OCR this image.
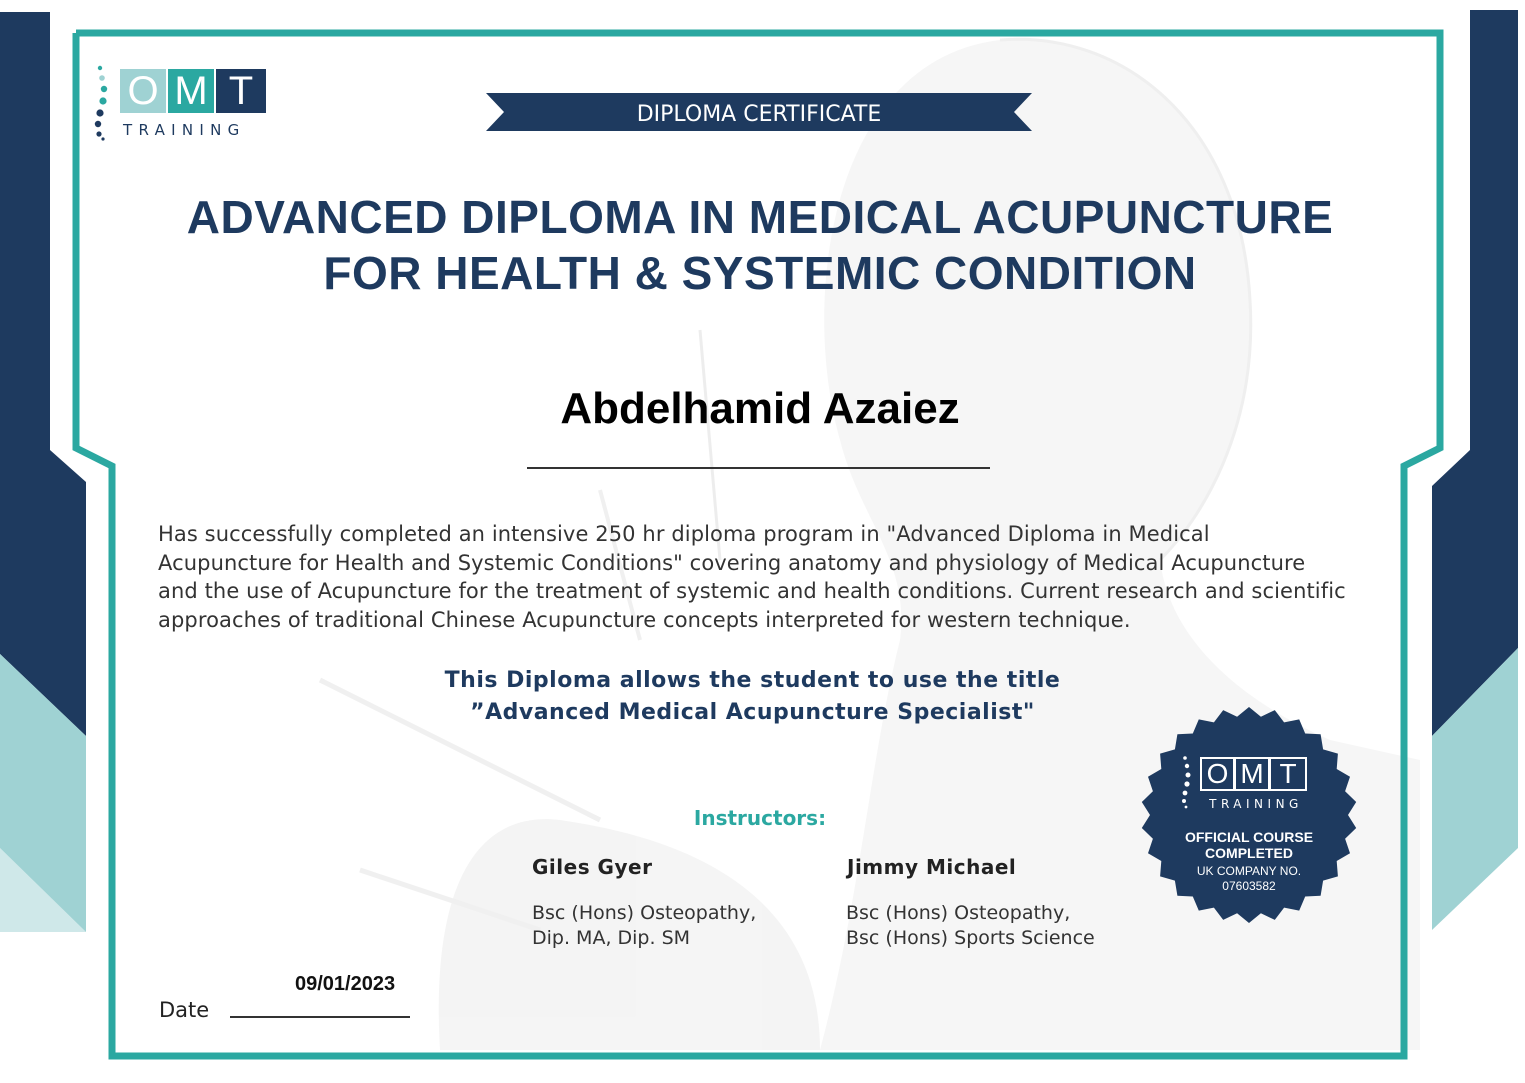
O M T
TRAINING
DIPLOMA CERTIFICATE
ADVANCED DIPLOMA IN MEDICAL ACUPUNCTURE
FOR HEALTH & SYSTEMIC CONDITION
Abdelhamid Azaiez
Has successfully completed an intensive 250 hr diploma program in "Advanced Diploma in Medical
Acupuncture for Health and Systemic Conditions" covering anatomy and physiology of Medical Acupuncture
and the use of Acupuncture for the treatment of systemic and health conditions. Current research and scientific
approaches of traditional Chinese Acupuncture concepts interpreted for western technique.
This Diploma allows the student to use the title
”Advanced Medical Acupuncture Specialist"
Instructors:
Giles Gyer
Bsc (Hons) Osteopathy,
Dip. MA, Dip. SM
Jimmy Michael
Bsc (Hons) Osteopathy,
Bsc (Hons) Sports Science
09/01/2023
Date
O M T
TRAINING
OFFICIAL COURSE
COMPLETED
UK COMPANY NO.
07603582
